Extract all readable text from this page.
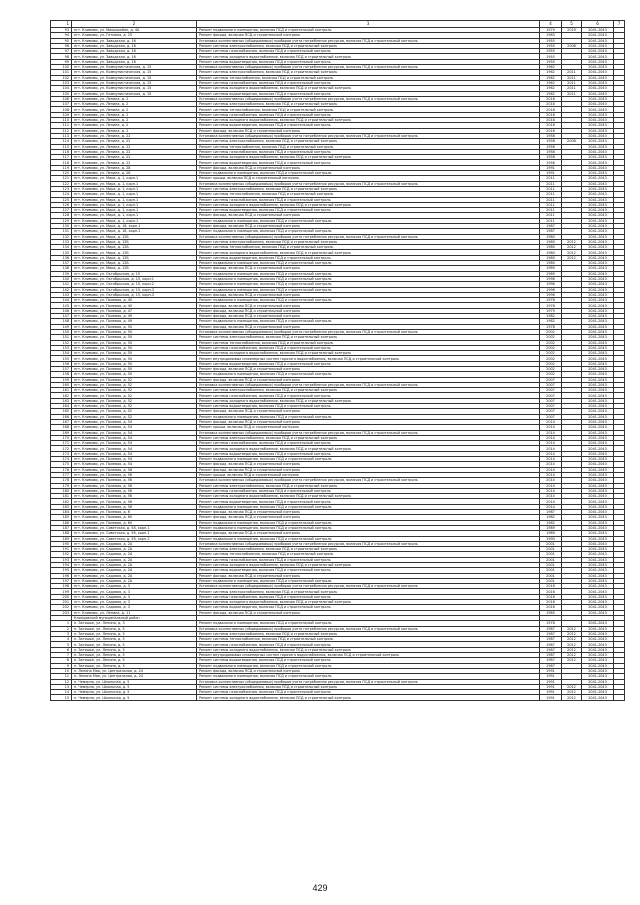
1	2	3	4	5	6	7
93	пгт. Климово, ул. Микрорайон, д. 4А	Ремонт подвального помещения, включая ПСД и строительный контроль	1979	2019	2041-2043	
94	пгт. Климово, ул. Гетмана, д. 25	Ремонт фасада, включая ПСД и строительный контроль	1983		2041-2043	
95	пгт. Климово, ул. Заводская, д. 16	Установка коллективных (общедомовых) приборов учета потребления ресурсов, включая ПСД и строительный контроль	1955		2041-2043	
96	пгт. Климово, ул. Заводская, д. 16	Ремонт системы электроснабжения, включая ПСД и строительный контроль	1955	2008	2041-2043	
97	пгт. Климово, ул. Заводская, д. 16	Ремонт системы газоснабжения, включая ПСД и строительный контроль	1955		2041-2043	
98	пгт. Климово, ул. Заводская, д. 16	Ремонт системы холодного водоснабжения, включая ПСД и строительный контроль	1955		2041-2043	
99	пгт. Климово, ул. Заводская, д. 16	Ремонт системы водоотведения, включая ПСД и строительный контроль	1955		2041-2043	
100	пгт. Климово, ул. Коммунистическая, д. 15	Установка коллективных (общедомовых) приборов учета потребления ресурсов, включая ПСД и строительный контроль	1962		2041-2043	
101	пгт. Климово, ул. Коммунистическая, д. 15	Ремонт системы электроснабжения, включая ПСД и строительный контроль	1962	2011	2041-2043	
102	пгт. Климово, ул. Коммунистическая, д. 15	Ремонт системы теплоснабжения, включая ПСД и строительный контроль	1962	2011	2041-2043	
103	пгт. Климово, ул. Коммунистическая, д. 15	Ремонт системы газоснабжения, включая ПСД и строительный контроль	1962	2011	2041-2043	
104	пгт. Климово, ул. Коммунистическая, д. 15	Ремонт системы холодного водоснабжения, включая ПСД и строительный контроль	1962	2011	2041-2043	
105	пгт. Климово, ул. Коммунистическая, д. 15	Ремонт системы водоотведения, включая ПСД и строительный контроль	1962	2011	2041-2043	
106	пгт. Климово, ул. Ленина, д. 2	Установка коллективных (общедомовых) приборов учета потребления ресурсов, включая ПСД и строительный контроль	2018		2041-2043	
107	пгт. Климово, ул. Ленина, д. 2	Ремонт системы электроснабжения, включая ПСД и строительный контроль	2018		2041-2043	
108	пгт. Климово, ул. Ленина, д. 2	Ремонт системы теплоснабжения, включая ПСД и строительный контроль	2018		2041-2043	
109	пгт. Климово, ул. Ленина, д. 2	Ремонт системы газоснабжения, включая ПСД и строительный контроль	2018		2041-2043	
110	пгт. Климово, ул. Ленина, д. 2	Ремонт системы холодного водоснабжения, включая ПСД и строительный контроль	2018		2041-2043	
111	пгт. Климово, ул. Ленина, д. 2	Ремонт системы водоотведения, включая ПСД и строительный контроль	2018		2041-2043	
112	пгт. Климово, ул. Ленина, д. 2	Ремонт фасада, включая ПСД и строительный контроль	2018		2041-2043	
113	пгт. Климово, ул. Ленина, д. 22	Установка коллективных (общедомовых) приборов учета потребления ресурсов, включая ПСД и строительный контроль	1958		2041-2043	
114	пгт. Климово, ул. Ленина, д. 22	Ремонт системы электроснабжения, включая ПСД и строительный контроль	1958	2008	2041-2043	
115	пгт. Климово, ул. Ленина, д. 22	Ремонт системы теплоснабжения, включая ПСД и строительный контроль	1958		2041-2043	
116	пгт. Климово, ул. Ленина, д. 22	Ремонт системы газоснабжения, включая ПСД и строительный контроль	1958		2041-2043	
117	пгт. Климово, ул. Ленина, д. 22	Ремонт системы холодного водоснабжения, включая ПСД и строительный контроль	1958		2041-2043	
118	пгт. Климово, ул. Ленина, д. 22	Ремонт системы водоотведения, включая ПСД и строительный контроль	1958		2041-2043	
119	пгт. Климово, ул. Ленина, д. 28	Ремонт фасада, включая ПСД и строительный контроль	1991		2041-2043	
120	пгт. Климово, ул. Ленина, д. 28	Ремонт подвального помещения, включая ПСД и строительный контроль	1991		2041-2043	
121	пгт. Климово, ул. Мира, д. 1, корп.1	Ремонт крыши, включая ПСД и строительный контроль	2011		2041-2043	
122	пгт. Климово, ул. Мира, д. 1, корп.1	Установка коллективных (общедомовых) приборов учета потребления ресурсов, включая ПСД и строительный контроль	2011		2041-2043	
123	пгт. Климово, ул. Мира, д. 1, корп.1	Ремонт системы электроснабжения, включая ПСД и строительный контроль	2011		2041-2043	
124	пгт. Климово, ул. Мира, д. 1, корп.1	Ремонт системы теплоснабжения, включая ПСД и строительный контроль	2011		2041-2043	
125	пгт. Климово, ул. Мира, д. 1, корп.1	Ремонт системы газоснабжения, включая ПСД и строительный контроль	2011		2041-2043	
126	пгт. Климово, ул. Мира, д. 1, корп.1	Ремонт системы холодного водоснабжения, включая ПСД и строительный контроль	2011		2041-2043	
127	пгт. Климово, ул. Мира, д. 1, корп.1	Ремонт системы водоотведения, включая ПСД и строительный контроль	2011		2041-2043	
128	пгт. Климово, ул. Мира, д. 1, корп.1	Ремонт фасада, включая ПСД и строительный контроль	2011		2041-2043	
129	пгт. Климово, ул. Мира, д. 1, корп.1	Ремонт подвального помещения, включая ПСД и строительный контроль	2011		2041-2043	
130	пгт. Климово, ул. Мира, д. 16, корп.1	Ремонт фасада, включая ПСД и строительный контроль	1987		2041-2043	
131	пгт. Климово, ул. Мира, д. 16, корп.1	Ремонт подвального помещения, включая ПСД и строительный контроль	1987		2041-2043	
132	пгт. Климово, ул. Мира, д. 12Б	Установка коллективных (общедомовых) приборов учета потребления ресурсов, включая ПСД и строительный контроль	1980		2041-2043	
133	пгт. Климово, ул. Мира, д. 12Б	Ремонт системы электроснабжения, включая ПСД и строительный контроль	1980	2012	2041-2043	
134	пгт. Климово, ул. Мира, д. 12Б	Ремонт системы теплоснабжения, включая ПСД и строительный контроль	1980	2012	2041-2043	
135	пгт. Климово, ул. Мира, д. 12Б	Ремонт системы холодного водоснабжения, включая ПСД и строительный контроль	1980	2012	2041-2043	
136	пгт. Климово, ул. Мира, д. 12Б	Ремонт системы водоотведения, включая ПСД и строительный контроль	1980	2012	2041-2043	
137	пгт. Климово, ул. Мира, д. 12Б	Ремонт подвального помещения, включая ПСД и строительный контроль	1980		2041-2043	
138	пгт. Климово, ул. Мира, д. 12Б	Ремонт фасада, включая ПСД и строительный контроль	1989		2041-2043	
139	пгт. Климово, ул. Октябрьская, д. 15	Ремонт подвального помещения, включая ПСД и строительный контроль	1989		2041-2043	
140	пгт. Климово, ул. Октябрьская, д. 15, корп.1	Ремонт подвального помещения, включая ПСД и строительный контроль	1996		2041-2043	
141	пгт. Климово, ул. Октябрьская, д. 15, корп.2	Ремонт подвального помещения, включая ПСД и строительный контроль	1996		2041-2043	
142	пгт. Климово, ул. Октябрьская, д. 15, корп.3	Ремонт подвального помещения, включая ПСД и строительный контроль	1996		2041-2043	
143	пгт. Климово, ул. Октябрьская, д. 15, корп.3	Ремонт фасада, включая ПСД и строительный контроль	1996		2041-2043	
144	пгт. Климово, ул. Полевая, д. 40	Ремонт подвального помещения, включая ПСД и строительный контроль	1978		2041-2043	
145	пгт. Климово, ул. Полевая, д. 40	Ремонт фасада, включая ПСД и строительный контроль	1978		2041-2043	
146	пгт. Климово, ул. Полевая, д. 47	Ремонт фасада, включая ПСД и строительный контроль	1979		2041-2043	
147	пгт. Климово, ул. Полевая, д. 49	Ремонт фасада, включая ПСД и строительный контроль	1982		2041-2043	
148	пгт. Климово, ул. Полевая, д. 49	Ремонт подвального помещения, включая ПСД и строительный контроль	1982		2041-2043	
149	пгт. Климово, ул. Полевая, д. 50	Ремонт фасада, включая ПСД и строительный контроль	1978		2041-2043	
150	пгт. Климово, ул. Полевая, д. 50	Установка коллективных (общедомовых) приборов учета потребления ресурсов, включая ПСД и строительный контроль	2002		2041-2043	
151	пгт. Климово, ул. Полевая, д. 50	Ремонт системы электроснабжения, включая ПСД и строительный контроль	2002		2041-2043	
152	пгт. Климово, ул. Полевая, д. 50	Ремонт системы теплоснабжения, включая ПСД и строительный контроль	2002		2041-2043	
153	пгт. Климово, ул. Полевая, д. 50	Ремонт системы газоснабжения, включая ПСД и строительный контроль	2002		2041-2043	
154	пгт. Климово, ул. Полевая, д. 50	Ремонт системы холодного водоснабжения, включая ПСД и строительный контроль	2002		2041-2043	
155	пгт. Климово, ул. Полевая, д. 50	Ремонт внутридомовых инженерных систем горячего водоснабжения, включая ПСД и строительный контроль	2002		2041-2043	
156	пгт. Климово, ул. Полевая, д. 50	Ремонт системы водоотведения, включая ПСД и строительный контроль	2002		2041-2043	
157	пгт. Климово, ул. Полевая, д. 50	Ремонт фасада, включая ПСД и строительный контроль	2002		2041-2043	
158	пгт. Климово, ул. Полевая, д. 50	Ремонт подвального помещения, включая ПСД и строительный контроль	2002		2041-2043	
159	пгт. Климово, ул. Полевая, д. 52	Ремонт фасада, включая ПСД и строительный контроль	2007		2041-2043	
160	пгт. Климово, ул. Полевая, д. 52	Установка коллективных (общедомовых) приборов учета потребления ресурсов, включая ПСД и строительный контроль	2007		2041-2043	
161	пгт. Климово, ул. Полевая, д. 52	Ремонт системы электроснабжения, включая ПСД и строительный контроль	2007		2041-2043	
162	пгт. Климово, ул. Полевая, д. 52	Ремонт системы газоснабжения, включая ПСД и строительный контроль	2007		2041-2043	
163	пгт. Климово, ул. Полевая, д. 52	Ремонт системы холодного водоснабжения, включая ПСД и строительный контроль	2007		2041-2043	
164	пгт. Климово, ул. Полевая, д. 52	Ремонт системы водоотведения, включая ПСД и строительный контроль	2007		2041-2043	
165	пгт. Климово, ул. Полевая, д. 52	Ремонт фасада, включая ПСД и строительный контроль	2007		2041-2043	
166	пгт. Климово, ул. Полевая, д. 52	Ремонт подвального помещения, включая ПСД и строительный контроль	2007		2041-2043	
167	пгт. Климово, ул. Полевая, д. 54	Ремонт фасада, включая ПСД и строительный контроль	2014		2041-2043	
168	пгт. Климово, ул. Полевая, д. 54	Ремонт крыши, включая ПСД и строительный контроль	2014		2041-2043	
169	пгт. Климово, ул. Полевая, д. 54	Установка коллективных (общедомовых) приборов учета потребления ресурсов, включая ПСД и строительный контроль	2014		2041-2043	
170	пгт. Климово, ул. Полевая, д. 54	Ремонт системы электроснабжения, включая ПСД и строительный контроль	2014		2041-2043	
171	пгт. Климово, ул. Полевая, д. 54	Ремонт системы газоснабжения, включая ПСД и строительный контроль	2014		2041-2043	
172	пгт. Климово, ул. Полевая, д. 54	Ремонт системы холодного водоснабжения, включая ПСД и строительный контроль	2014		2041-2043	
173	пгт. Климово, ул. Полевая, д. 54	Ремонт системы водоотведения, включая ПСД и строительный контроль	2014		2041-2043	
174	пгт. Климово, ул. Полевая, д. 54	Ремонт подвального помещения, включая ПСД и строительный контроль	2014		2041-2043	
175	пгт. Климово, ул. Полевая, д. 54	Ремонт фасада, включая ПСД и строительный контроль	2014		2041-2043	
176	пгт. Климово, ул. Полевая, д. 56	Ремонт фасада, включая ПСД и строительный контроль	2014		2041-2043	
177	пгт. Климово, ул. Полевая, д. 56	Ремонт крыши, включая ПСД и строительный контроль	2014		2041-2043	
178	пгт. Климово, ул. Полевая, д. 56	Установка коллективных (общедомовых) приборов учета потребления ресурсов, включая ПСД и строительный контроль	2014		2041-2043	
179	пгт. Климово, ул. Полевая, д. 56	Ремонт системы электроснабжения, включая ПСД и строительный контроль	2014		2041-2043	
180	пгт. Климово, ул. Полевая, д. 56	Ремонт системы газоснабжения, включая ПСД и строительный контроль	2014		2041-2043	
181	пгт. Климово, ул. Полевая, д. 56	Ремонт системы холодного водоснабжения, включая ПСД и строительный контроль	2014		2041-2043	
182	пгт. Климово, ул. Полевая, д. 56	Ремонт системы водоотведения, включая ПСД и строительный контроль	2014		2041-2043	
183	пгт. Климово, ул. Полевая, д. 56	Ремонт подвального помещения, включая ПСД и строительный контроль	2014		2041-2043	
184	пгт. Климово, ул. Полевая, д. 6	Ремонт фасада, включая ПСД и строительный контроль	1987		2041-2043	
185	пгт. Климово, ул. Полевая, д. 60	Ремонт фасада, включая ПСД и строительный контроль	1982		2041-2043	
186	пгт. Климово, ул. Полевая, д. 60	Ремонт подвального помещения, включая ПСД и строительный контроль	1982		2041-2043	
187	пгт. Климово, ул. Советская, д. 58, корп.1	Ремонт подвального помещения, включая ПСД и строительный контроль	1989		2041-2043	
188	пгт. Климово, ул. Советская, д. 58, корп.1	Ремонт фасада, включая ПСД и строительный контроль	1989		2041-2043	
189	пгт. Климово, ул. Советская, д. 58, корп.2	Ремонт подвального помещения, включая ПСД и строительный контроль	1990		2041-2043	
190	пгт. Климово, ул. Садовая, д. 2А	Установка коллективных (общедомовых) приборов учета потребления ресурсов, включая ПСД и строительный контроль	2001		2041-2043	
191	пгт. Климово, ул. Садовая, д. 2А	Ремонт системы электроснабжения, включая ПСД и строительный контроль	2001		2041-2043	
192	пгт. Климово, ул. Садовая, д. 2А	Ремонт системы теплоснабжения, включая ПСД и строительный контроль	2001		2041-2043	
193	пгт. Климово, ул. Садовая, д. 2А	Ремонт системы газоснабжения, включая ПСД и строительный контроль	2001		2041-2043	
194	пгт. Климово, ул. Садовая, д. 2А	Ремонт системы холодного водоснабжения, включая ПСД и строительный контроль	2001		2041-2043	
195	пгт. Климово, ул. Садовая, д. 2А	Ремонт системы водоотведения, включая ПСД и строительный контроль	2001		2041-2043	
196	пгт. Климово, ул. Садовая, д. 2А	Ремонт фасада, включая ПСД и строительный контроль	2001		2041-2043	
197	пгт. Климово, ул. Садовая, д. 2А	Ремонт подвального помещения, включая ПСД и строительный контроль	2001		2041-2043	
198	пгт. Климово, ул. Садовая, д. 3	Установка коллективных (общедомовых) приборов учета потребления ресурсов, включая ПСД и строительный контроль	2016		2041-2043	
199	пгт. Климово, ул. Садовая, д. 3	Ремонт системы электроснабжения, включая ПСД и строительный контроль	2016		2041-2043	
200	пгт. Климово, ул. Садовая, д. 3	Ремонт системы газоснабжения, включая ПСД и строительный контроль	2016		2041-2043	
201	пгт. Климово, ул. Садовая, д. 3	Ремонт системы холодного водоснабжения, включая ПСД и строительный контроль	2016		2041-2043	
202	пгт. Климово, ул. Садовая, д. 3	Ремонт системы водоотведения, включая ПСД и строительный контроль	2016		2041-2043	
203	пгт. Климово, ул. Ленина, д. 11	Ремонт фасада, включая ПСД и строительный контроль	1985		2041-2043	
	Клинцовский муниципальный район					
1	п. Затишье, ул. Ленина, д. 3	Ремонт подвального помещения, включая ПСД и строительный контроль	1978		2041-2043	
2	п. Затишье, ул. Ленина, д. 5	Установка коллективных (общедомовых) приборов учета потребления ресурсов, включая ПСД и строительный контроль	1987	2012	2041-2043	
3	п. Затишье, ул. Ленина, д. 5	Ремонт системы электроснабжения, включая ПСД и строительный контроль	1987	2012	2041-2043	
4	п. Затишье, ул. Ленина, д. 5	Ремонт системы теплоснабжения, включая ПСД и строительный контроль	1987	2012	2041-2043	
5	п. Затишье, ул. Ленина, д. 5	Ремонт системы газоснабжения, включая ПСД и строительный контроль	1987	2012	2041-2043	
6	п. Затишье, ул. Ленина, д. 5	Ремонт системы холодного водоснабжения, включая ПСД и строительный контроль	1987	2012	2041-2043	
7	п. Затишье, ул. Ленина, д. 5	Ремонт внутридомовых инженерных систем горячего водоснабжения, включая ПСД и строительный контроль	1987	2012	2041-2043	
8	п. Затишье, ул. Ленина, д. 5	Ремонт системы водоотведения, включая ПСД и строительный контроль	1987	2012	2041-2043	
9	п. Затишье, ул. Ленина, д. 5	Ремонт подвального помещения, включая ПСД и строительный контроль	1987		2041-2043	
10	п. Ленина Мая, ул. Центральная, д. 24	Ремонт фасада, включая ПСД и строительный контроль	1991		2041-2043	
11	п. Ленина Мая, ул. Центральная, д. 24	Ремонт подвального помещения, включая ПСД и строительный контроль	1991		2041-2043	
12	п. Чемерна, ул. Школьная, д. 5	Установка коллективных (общедомовых) приборов учета потребления ресурсов, включая ПСД и строительный контроль	1991		2041-2043	
13	п. Чемерна, ул. Школьная, д. 5	Ремонт системы электроснабжения, включая ПСД и строительный контроль	1991	2012	2041-2043	
14	п. Чемерна, ул. Школьная, д. 5	Ремонт системы газоснабжения, включая ПСД и строительный контроль	1991	2012	2041-2043	
15	п. Чемерна, ул. Школьная, д. 5	Ремонт системы холодного водоснабжения, включая ПСД и строительный контроль	1991	2012	2041-2043	
429
